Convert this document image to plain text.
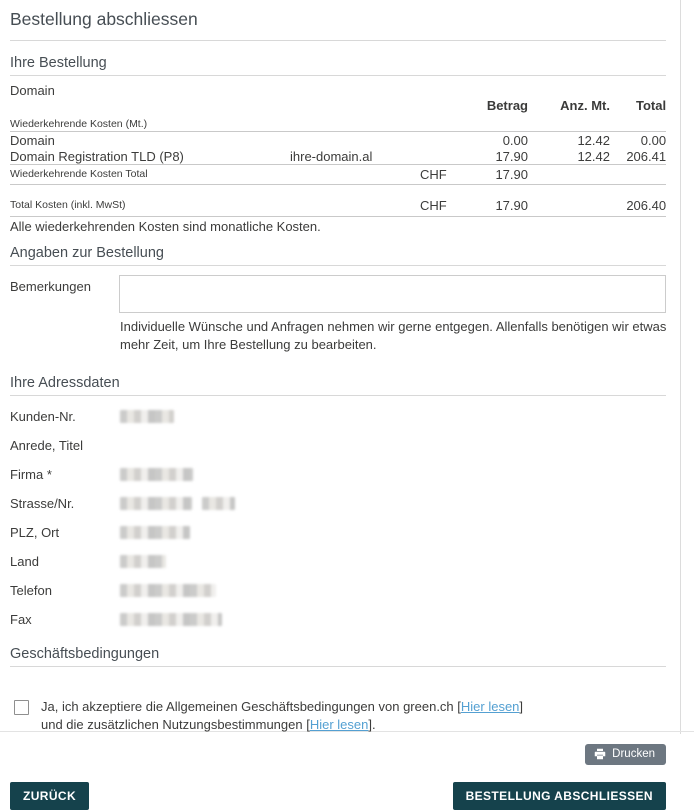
Bestellung abschliessen
Ihre Bestellung
Domain					
			Betrag	Anz. Mt.	Total
Wiederkehrende Kosten (Mt.)					
Domain			0.00	12.42	0.00
Domain Registration TLD (P8)	ihre-domain.al		17.90	12.42	206.41
Wiederkehrende Kosten Total		CHF	17.90		

Total Kosten (inkl. MwSt)		CHF	17.90		206.40
Alle wiederkehrenden Kosten sind monatliche Kosten.
Angaben zur Bestellung
Bemerkungen
Individuelle Wünsche und Anfragen nehmen wir gerne entgegen. Allenfalls benötigen wir etwas mehr Zeit, um Ihre Bestellung zu bearbeiten.
Ihre Adressdaten
Kunden-Nr.
Anrede, Titel
Firma *
Strasse/Nr.
PLZ, Ort
Land
Telefon
Fax
Geschäftsbedingungen
Ja, ich akzeptiere die Allgemeinen Geschäftsbedingungen von green.ch [Hier lesen] und die zusätzlichen Nutzungsbestimmungen [Hier lesen].
Drucken
ZURÜCK	BESTELLUNG ABSCHLIESSEN
